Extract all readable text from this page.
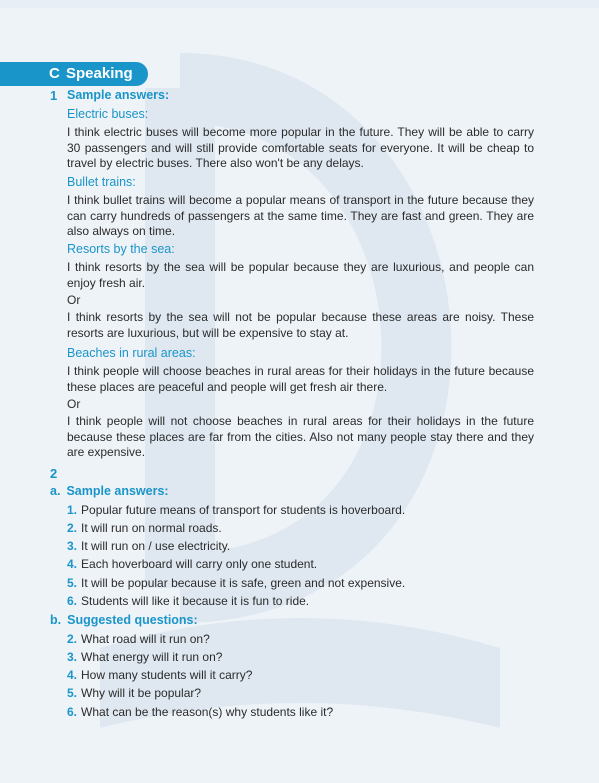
C Speaking
1 Sample answers:
Electric buses:
I think electric buses will become more popular in the future. They will be able to carry 30 passengers and will still provide comfortable seats for everyone. It will be cheap to travel by electric buses. There also won't be any delays.
Bullet trains:
I think bullet trains will become a popular means of transport in the future because they can carry hundreds of passengers at the same time. They are fast and green. They are also always on time.
Resorts by the sea:
I think resorts by the sea will be popular because they are luxurious, and people can enjoy fresh air.
Or
I think resorts by the sea will not be popular because these areas are noisy. These resorts are luxurious, but will be expensive to stay at.
Beaches in rural areas:
I think people will choose beaches in rural areas for their holidays in the future because these places are peaceful and people will get fresh air there.
Or
I think people will not choose beaches in rural areas for their holidays in the future because these places are far from the cities. Also not many people stay there and they are expensive.
2
a. Sample answers:
1. Popular future means of transport for students is hoverboard.
2. It will run on normal roads.
3. It will run on / use electricity.
4. Each hoverboard will carry only one student.
5. It will be popular because it is safe, green and not expensive.
6. Students will like it because it is fun to ride.
b. Suggested questions:
2. What road will it run on?
3. What energy will it run on?
4. How many students will it carry?
5. Why will it be popular?
6. What can be the reason(s) why students like it?
